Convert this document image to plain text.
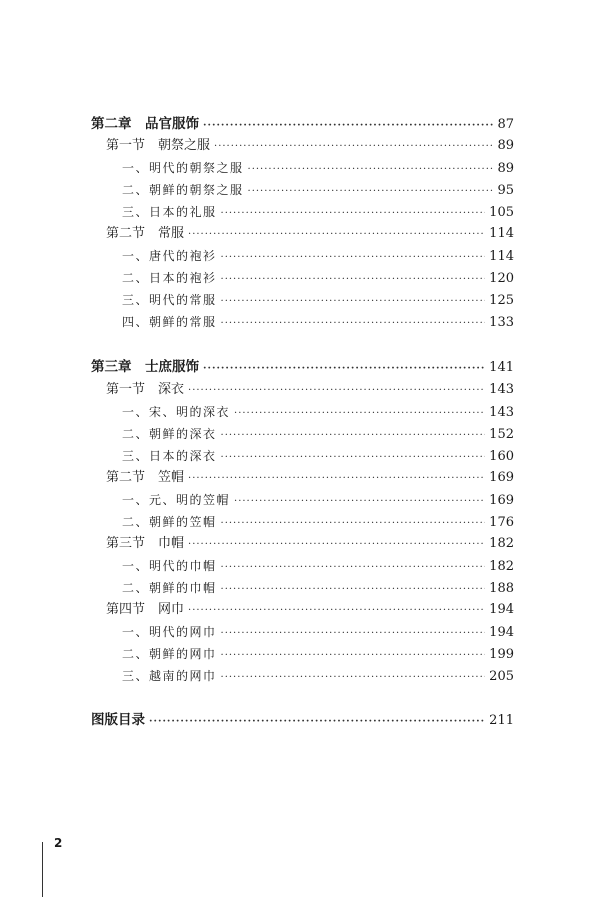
第二章　品官服饰 ·····	87
第一节　朝祭之服 ·····	89
一、明代的朝祭之服 ·····	89
二、朝鲜的朝祭之服 ·····	95
三、日本的礼服 ·····	105
第二节　常服 ·····	114
一、唐代的袍衫 ·····	114
二、日本的袍衫 ·····	120
三、明代的常服 ·····	125
四、朝鲜的常服 ·····	133
第三章　士庶服饰 ·····	141
第一节　深衣 ·····	143
一、宋、明的深衣 ·····	143
二、朝鲜的深衣 ·····	152
三、日本的深衣 ·····	160
第二节　笠帽 ·····	169
一、元、明的笠帽 ·····	169
二、朝鲜的笠帽 ·····	176
第三节　巾帽 ·····	182
一、明代的巾帽 ·····	182
二、朝鲜的巾帽 ·····	188
第四节　网巾 ·····	194
一、明代的网巾 ·····	194
二、朝鲜的网巾 ·····	199
三、越南的网巾 ·····	205
图版目录 ·····	211
2
